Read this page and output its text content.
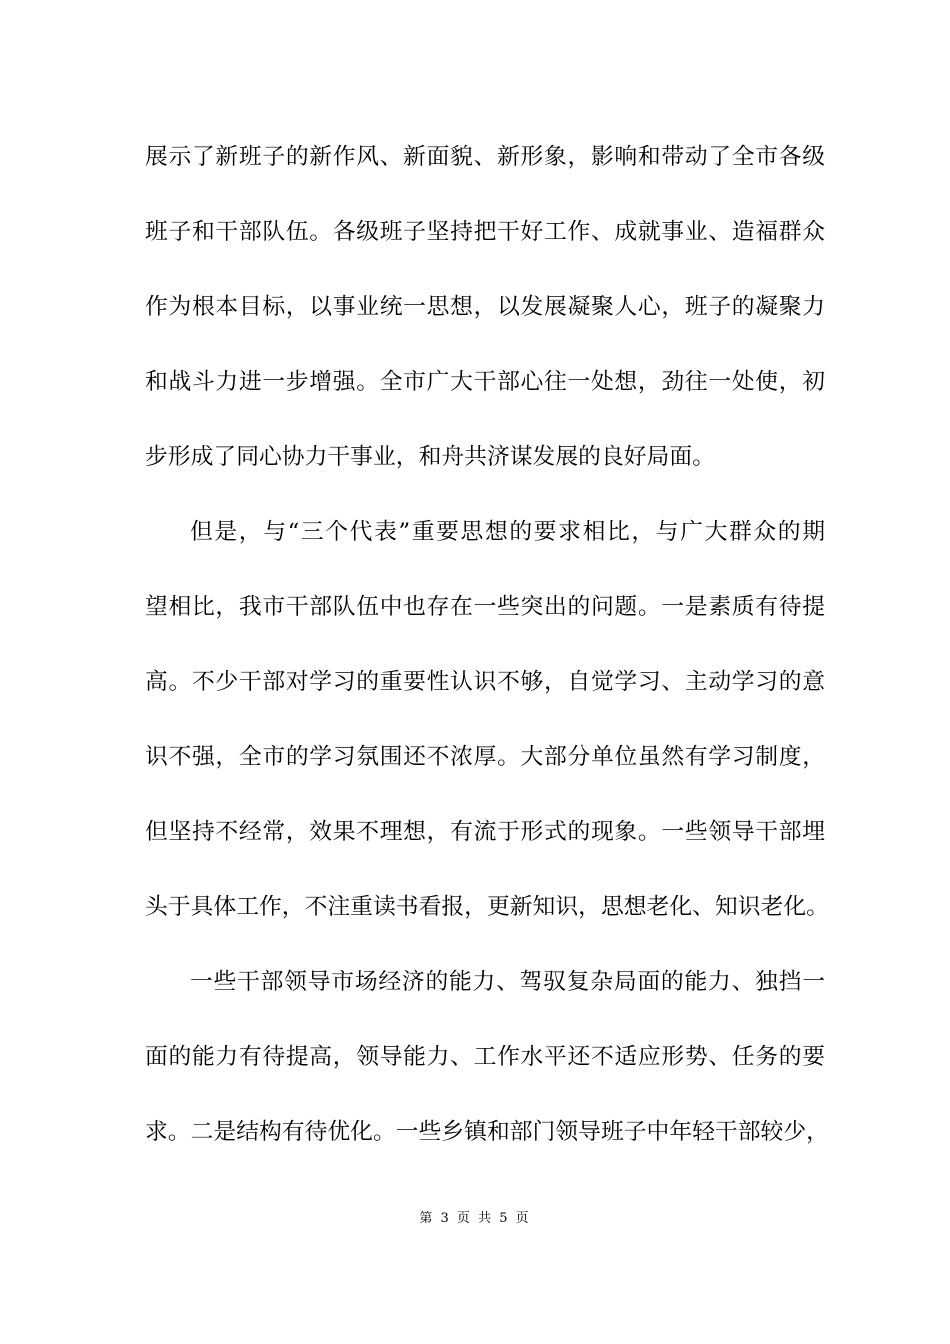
展示了新班子的新作风、新面貌、新形象，影响和带动了全市各级
班子和干部队伍。各级班子坚持把干好工作、成就事业、造福群众
作为根本目标，以事业统一思想，以发展凝聚人心，班子的凝聚力
和战斗力进一步增强。全市广大干部心往一处想，劲往一处使，初
步形成了同心协力干事业，和舟共济谋发展的良好局面。
但是，与“三个代表”重要思想的要求相比，与广大群众的期
望相比，我市干部队伍中也存在一些突出的问题。一是素质有待提
高。不少干部对学习的重要性认识不够，自觉学习、主动学习的意
识不强，全市的学习氛围还不浓厚。大部分单位虽然有学习制度，
但坚持不经常，效果不理想，有流于形式的现象。一些领导干部埋
头于具体工作，不注重读书看报，更新知识，思想老化、知识老化。
一些干部领导市场经济的能力、驾驭复杂局面的能力、独挡一
面的能力有待提高，领导能力、工作水平还不适应形势、任务的要
求。二是结构有待优化。一些乡镇和部门领导班子中年轻干部较少，
第 3 页 共 5 页
